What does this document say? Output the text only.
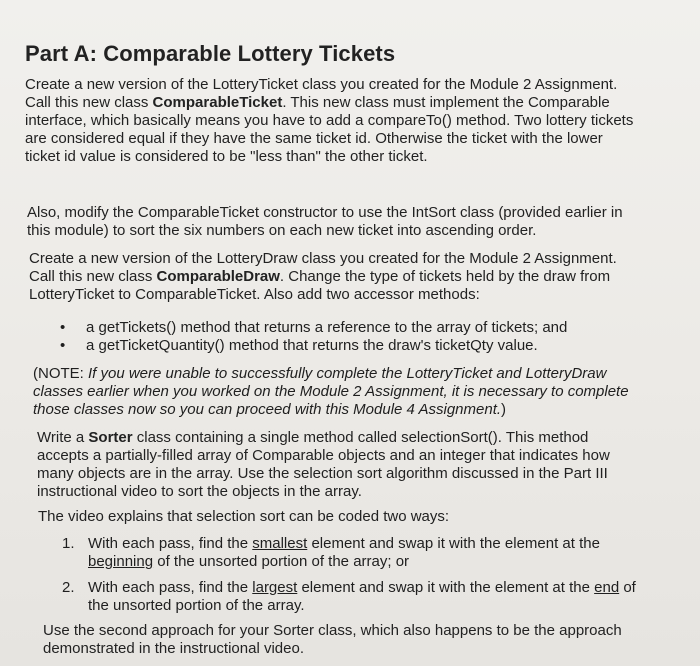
Part A: Comparable Lottery Tickets
Create a new version of the LotteryTicket class you created for the Module 2 Assignment. Call this new class ComparableTicket. This new class must implement the Comparable interface, which basically means you have to add a compareTo() method. Two lottery tickets are considered equal if they have the same ticket id. Otherwise the ticket with the lower ticket id value is considered to be "less than" the other ticket.
Also, modify the ComparableTicket constructor to use the IntSort class (provided earlier in this module) to sort the six numbers on each new ticket into ascending order.
Create a new version of the LotteryDraw class you created for the Module 2 Assignment. Call this new class ComparableDraw. Change the type of tickets held by the draw from LotteryTicket to ComparableTicket. Also add two accessor methods:
•	a getTickets() method that returns a reference to the array of tickets; and
•	a getTicketQuantity() method that returns the draw's ticketQty value.
(NOTE: If you were unable to successfully complete the LotteryTicket and LotteryDraw classes earlier when you worked on the Module 2 Assignment, it is necessary to complete those classes now so you can proceed with this Module 4 Assignment.)
Write a Sorter class containing a single method called selectionSort(). This method accepts a partially-filled array of Comparable objects and an integer that indicates how many objects are in the array. Use the selection sort algorithm discussed in the Part III instructional video to sort the objects in the array.
The video explains that selection sort can be coded two ways:
1. With each pass, find the smallest element and swap it with the element at the beginning of the unsorted portion of the array; or
2. With each pass, find the largest element and swap it with the element at the end of the unsorted portion of the array.
Use the second approach for your Sorter class, which also happens to be the approach demonstrated in the instructional video.
